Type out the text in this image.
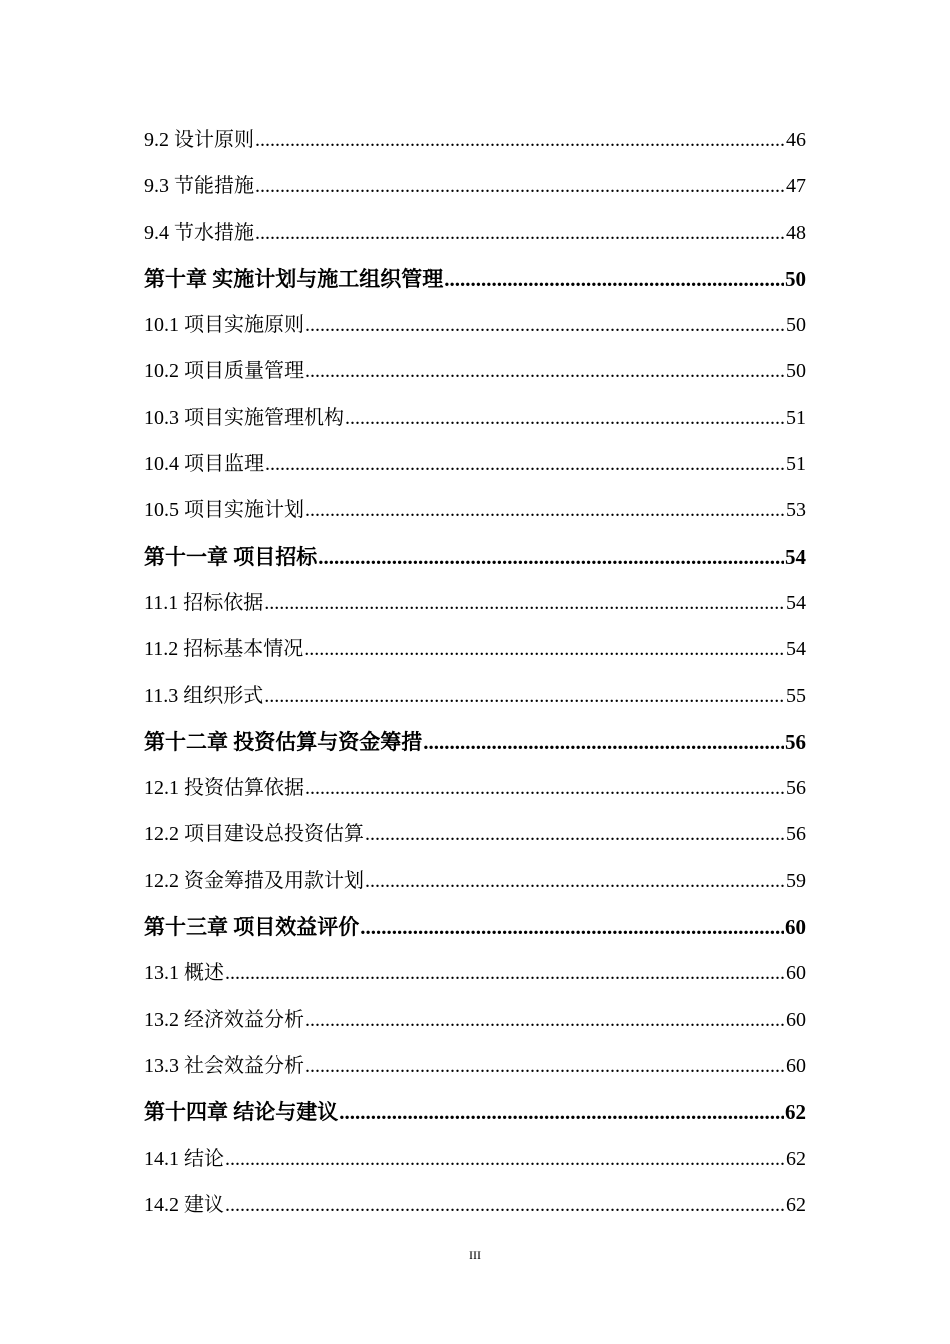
9.2 设计原则 .....	46
9.3 节能措施 .....	47
9.4 节水措施 .....	48
第十章 实施计划与施工组织管理 .....	50
10.1 项目实施原则 .....	50
10.2 项目质量管理 .....	50
10.3 项目实施管理机构 .....	51
10.4 项目监理 .....	51
10.5 项目实施计划 .....	53
第十一章 项目招标 .....	54
11.1 招标依据 .....	54
11.2 招标基本情况 .....	54
11.3 组织形式 .....	55
第十二章 投资估算与资金筹措 .....	56
12.1 投资估算依据 .....	56
12.2 项目建设总投资估算 .....	56
12.2 资金筹措及用款计划 .....	59
第十三章 项目效益评价 .....	60
13.1 概述 .....	60
13.2 经济效益分析 .....	60
13.3 社会效益分析 .....	60
第十四章 结论与建议 .....	62
14.1 结论 .....	62
14.2 建议 .....	62
III
